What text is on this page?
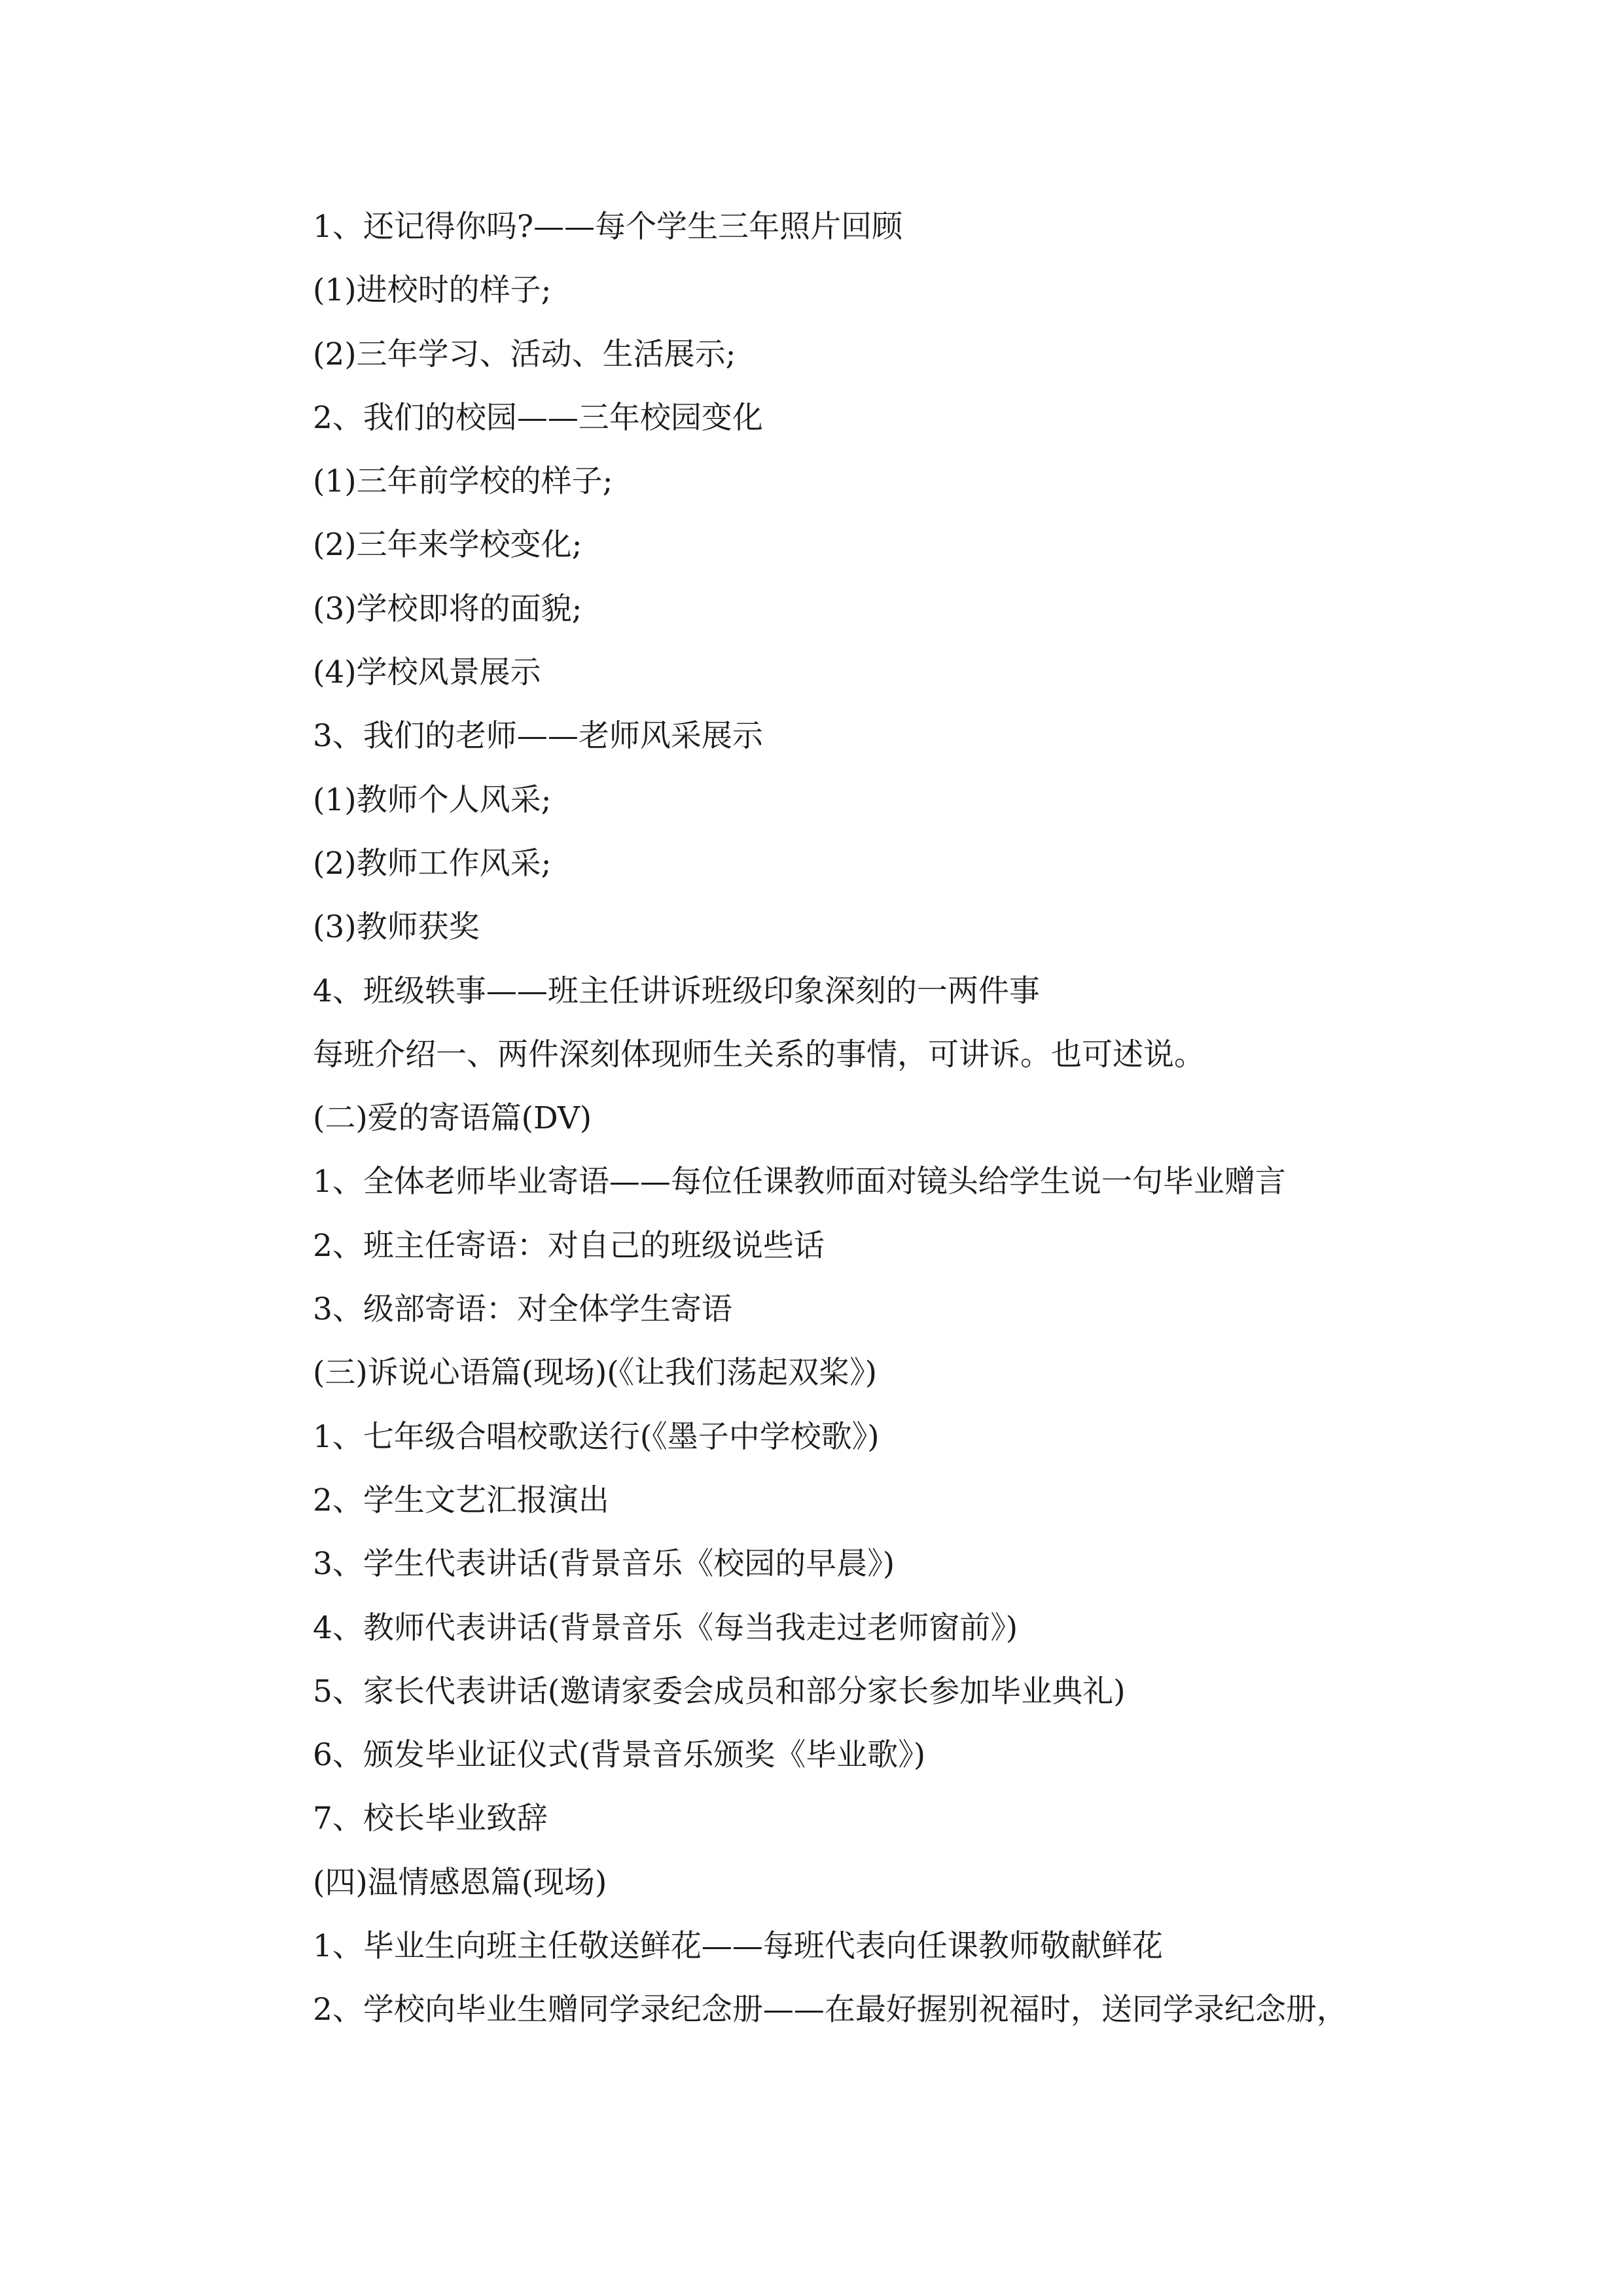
1、还记得你吗?——每个学生三年照片回顾
(1)进校时的样子;
(2)三年学习、活动、生活展示;
2、我们的校园——三年校园变化
(1)三年前学校的样子;
(2)三年来学校变化;
(3)学校即将的面貌;
(4)学校风景展示
3、我们的老师——老师风采展示
(1)教师个人风采;
(2)教师工作风采;
(3)教师获奖
4、班级轶事——班主任讲诉班级印象深刻的一两件事
每班介绍一、两件深刻体现师生关系的事情，可讲诉。也可述说。
(二)爱的寄语篇(DV)
1、全体老师毕业寄语——每位任课教师面对镜头给学生说一句毕业赠言
2、班主任寄语：对自己的班级说些话
3、级部寄语：对全体学生寄语
(三)诉说心语篇(现场)(《让我们荡起双桨》)
1、七年级合唱校歌送行(《墨子中学校歌》)
2、学生文艺汇报演出
3、学生代表讲话(背景音乐《校园的早晨》)
4、教师代表讲话(背景音乐《每当我走过老师窗前》)
5、家长代表讲话(邀请家委会成员和部分家长参加毕业典礼)
6、颁发毕业证仪式(背景音乐颁奖《毕业歌》)
7、校长毕业致辞
(四)温情感恩篇(现场)
1、毕业生向班主任敬送鲜花——每班代表向任课教师敬献鲜花
2、学校向毕业生赠同学录纪念册——在最好握别祝福时，送同学录纪念册，
